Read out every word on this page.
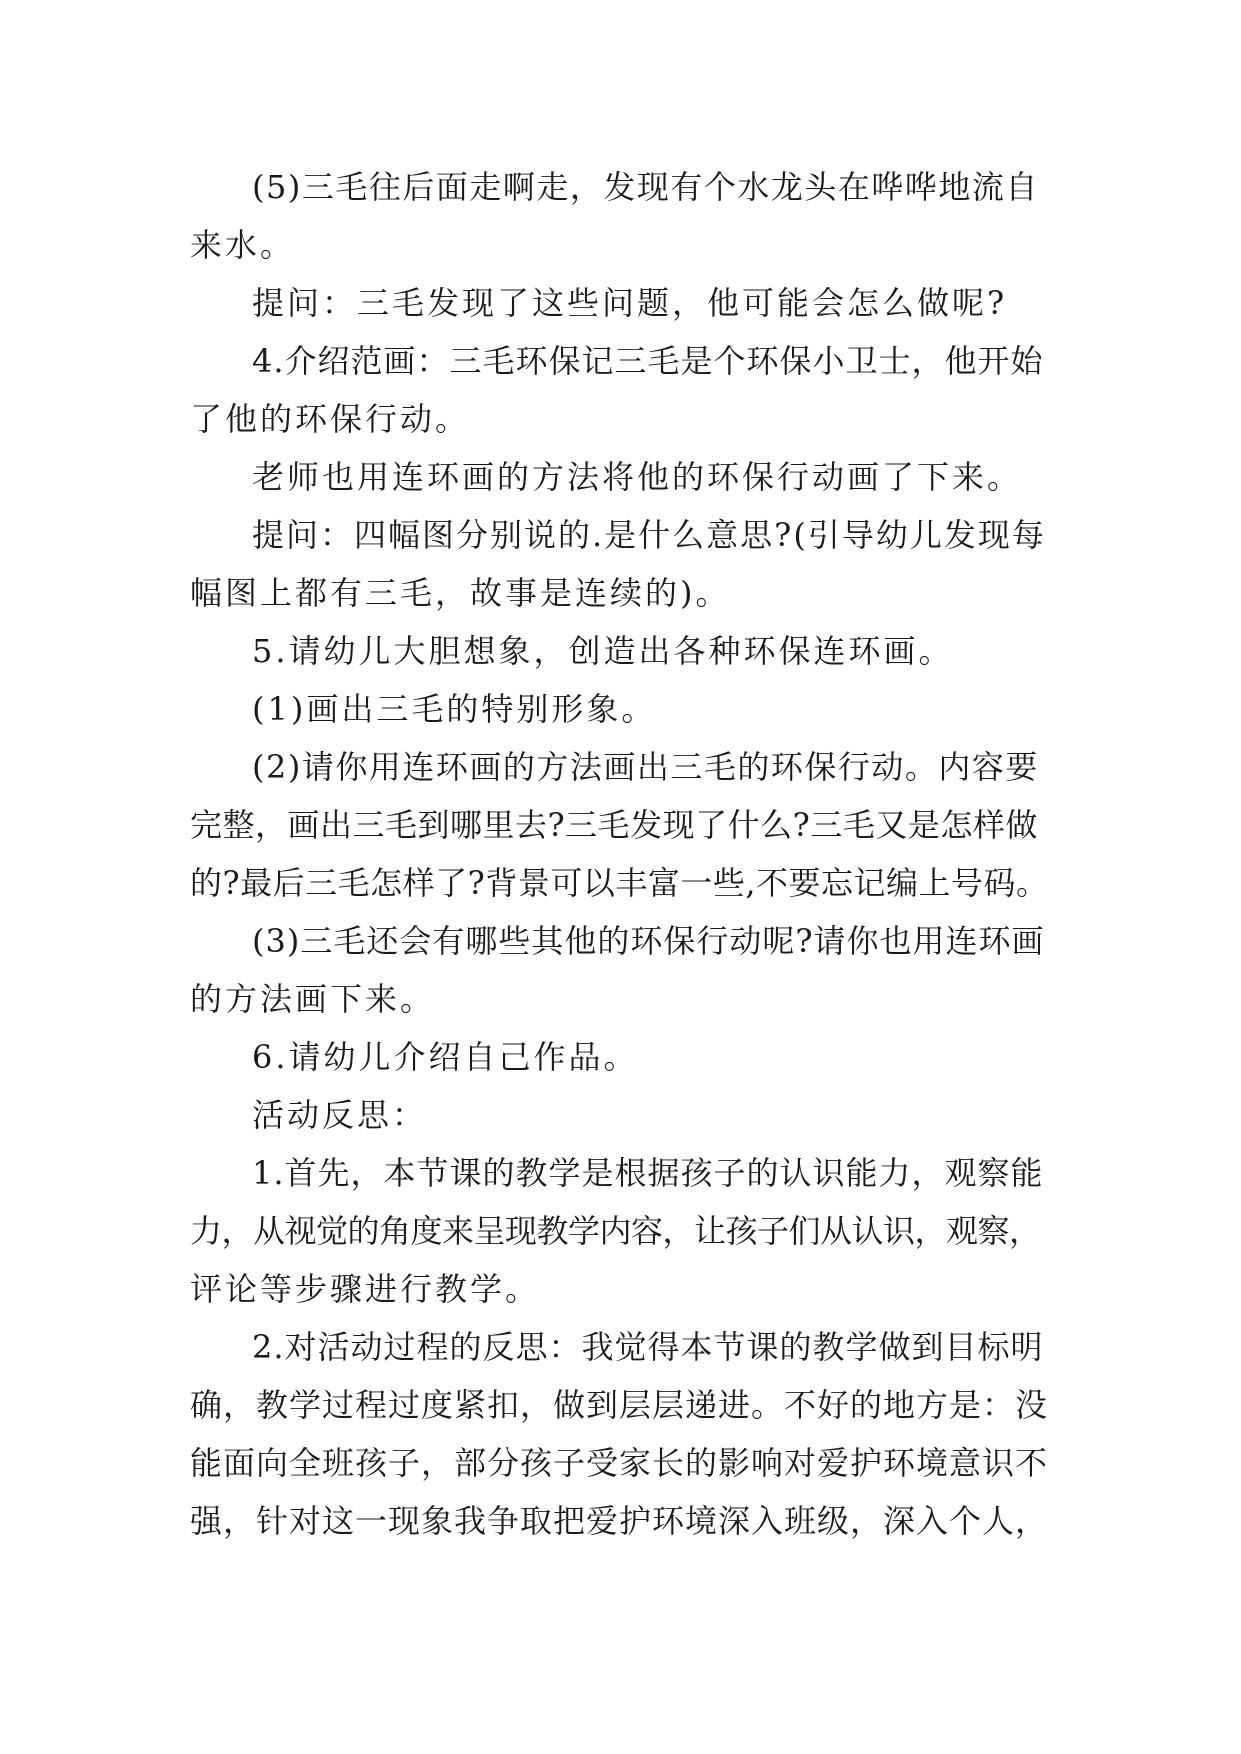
(5)三毛往后面走啊走，发现有个水龙头在哗哗地流自
来水。
提问：三毛发现了这些问题，他可能会怎么做呢?
4.介绍范画：三毛环保记三毛是个环保小卫士，他开始
了他的环保行动。
老师也用连环画的方法将他的环保行动画了下来。
提问：四幅图分别说的.是什么意思?(引导幼儿发现每
幅图上都有三毛，故事是连续的)。
5.请幼儿大胆想象，创造出各种环保连环画。
(1)画出三毛的特别形象。
(2)请你用连环画的方法画出三毛的环保行动。内容要
完整，画出三毛到哪里去?三毛发现了什么?三毛又是怎样做
的?最后三毛怎样了?背景可以丰富一些,不要忘记编上号码。
(3)三毛还会有哪些其他的环保行动呢?请你也用连环画
的方法画下来。
6.请幼儿介绍自己作品。
活动反思：
1.首先，本节课的教学是根据孩子的认识能力，观察能
力，从视觉的角度来呈现教学内容，让孩子们从认识，观察，
评论等步骤进行教学。
2.对活动过程的反思：我觉得本节课的教学做到目标明
确，教学过程过度紧扣，做到层层递进。不好的地方是：没
能面向全班孩子，部分孩子受家长的影响对爱护环境意识不
强，针对这一现象我争取把爱护环境深入班级，深入个人，
